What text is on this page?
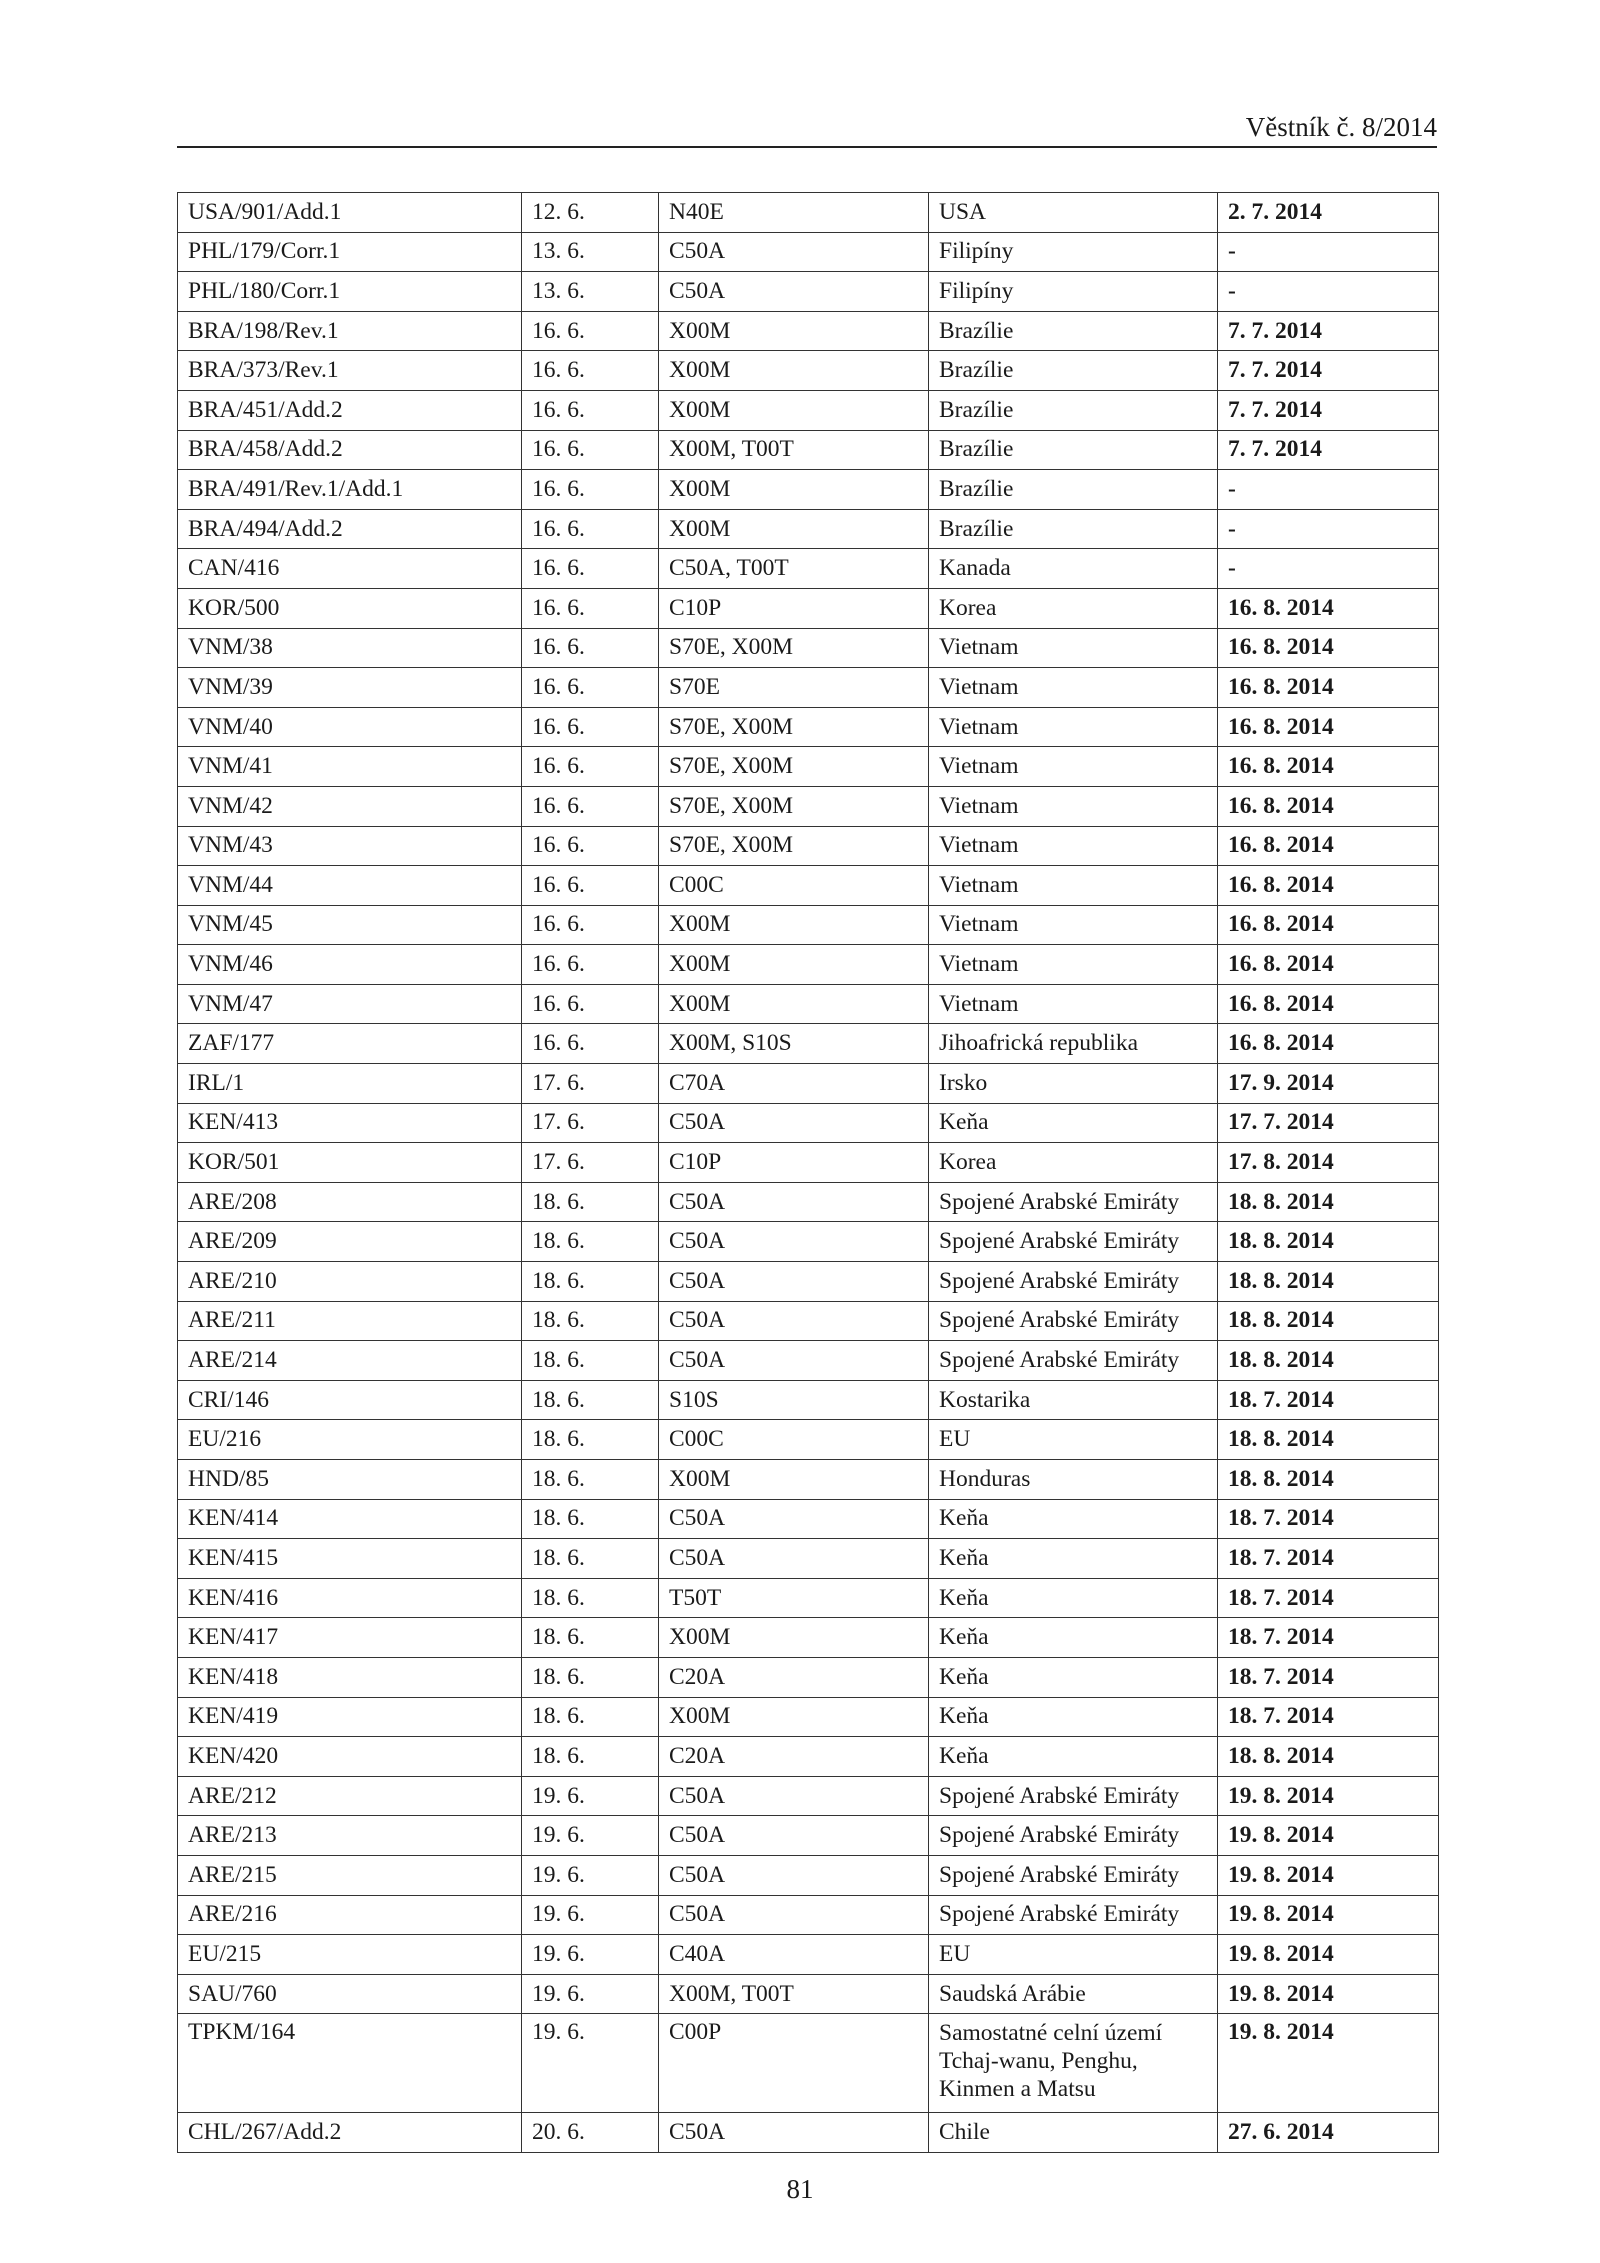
Věstník č. 8/2014
USA/901/Add.1	12. 6.	N40E	USA	2. 7. 2014
PHL/179/Corr.1	13. 6.	C50A	Filipíny	-
PHL/180/Corr.1	13. 6.	C50A	Filipíny	-
BRA/198/Rev.1	16. 6.	X00M	Brazílie	7. 7. 2014
BRA/373/Rev.1	16. 6.	X00M	Brazílie	7. 7. 2014
BRA/451/Add.2	16. 6.	X00M	Brazílie	7. 7. 2014
BRA/458/Add.2	16. 6.	X00M, T00T	Brazílie	7. 7. 2014
BRA/491/Rev.1/Add.1	16. 6.	X00M	Brazílie	-
BRA/494/Add.2	16. 6.	X00M	Brazílie	-
CAN/416	16. 6.	C50A, T00T	Kanada	-
KOR/500	16. 6.	C10P	Korea	16. 8. 2014
VNM/38	16. 6.	S70E, X00M	Vietnam	16. 8. 2014
VNM/39	16. 6.	S70E	Vietnam	16. 8. 2014
VNM/40	16. 6.	S70E, X00M	Vietnam	16. 8. 2014
VNM/41	16. 6.	S70E, X00M	Vietnam	16. 8. 2014
VNM/42	16. 6.	S70E, X00M	Vietnam	16. 8. 2014
VNM/43	16. 6.	S70E, X00M	Vietnam	16. 8. 2014
VNM/44	16. 6.	C00C	Vietnam	16. 8. 2014
VNM/45	16. 6.	X00M	Vietnam	16. 8. 2014
VNM/46	16. 6.	X00M	Vietnam	16. 8. 2014
VNM/47	16. 6.	X00M	Vietnam	16. 8. 2014
ZAF/177	16. 6.	X00M, S10S	Jihoafrická republika	16. 8. 2014
IRL/1	17. 6.	C70A	Irsko	17. 9. 2014
KEN/413	17. 6.	C50A	Keňa	17. 7. 2014
KOR/501	17. 6.	C10P	Korea	17. 8. 2014
ARE/208	18. 6.	C50A	Spojené Arabské Emiráty	18. 8. 2014
ARE/209	18. 6.	C50A	Spojené Arabské Emiráty	18. 8. 2014
ARE/210	18. 6.	C50A	Spojené Arabské Emiráty	18. 8. 2014
ARE/211	18. 6.	C50A	Spojené Arabské Emiráty	18. 8. 2014
ARE/214	18. 6.	C50A	Spojené Arabské Emiráty	18. 8. 2014
CRI/146	18. 6.	S10S	Kostarika	18. 7. 2014
EU/216	18. 6.	C00C	EU	18. 8. 2014
HND/85	18. 6.	X00M	Honduras	18. 8. 2014
KEN/414	18. 6.	C50A	Keňa	18. 7. 2014
KEN/415	18. 6.	C50A	Keňa	18. 7. 2014
KEN/416	18. 6.	T50T	Keňa	18. 7. 2014
KEN/417	18. 6.	X00M	Keňa	18. 7. 2014
KEN/418	18. 6.	C20A	Keňa	18. 7. 2014
KEN/419	18. 6.	X00M	Keňa	18. 7. 2014
KEN/420	18. 6.	C20A	Keňa	18. 8. 2014
ARE/212	19. 6.	C50A	Spojené Arabské Emiráty	19. 8. 2014
ARE/213	19. 6.	C50A	Spojené Arabské Emiráty	19. 8. 2014
ARE/215	19. 6.	C50A	Spojené Arabské Emiráty	19. 8. 2014
ARE/216	19. 6.	C50A	Spojené Arabské Emiráty	19. 8. 2014
EU/215	19. 6.	C40A	EU	19. 8. 2014
SAU/760	19. 6.	X00M, T00T	Saudská Arábie	19. 8. 2014
TPKM/164	19. 6.	C00P	Samostatné celní území Tchaj-wanu, Penghu, Kinmen a Matsu	19. 8. 2014
CHL/267/Add.2	20. 6.	C50A	Chile	27. 6. 2014
81
